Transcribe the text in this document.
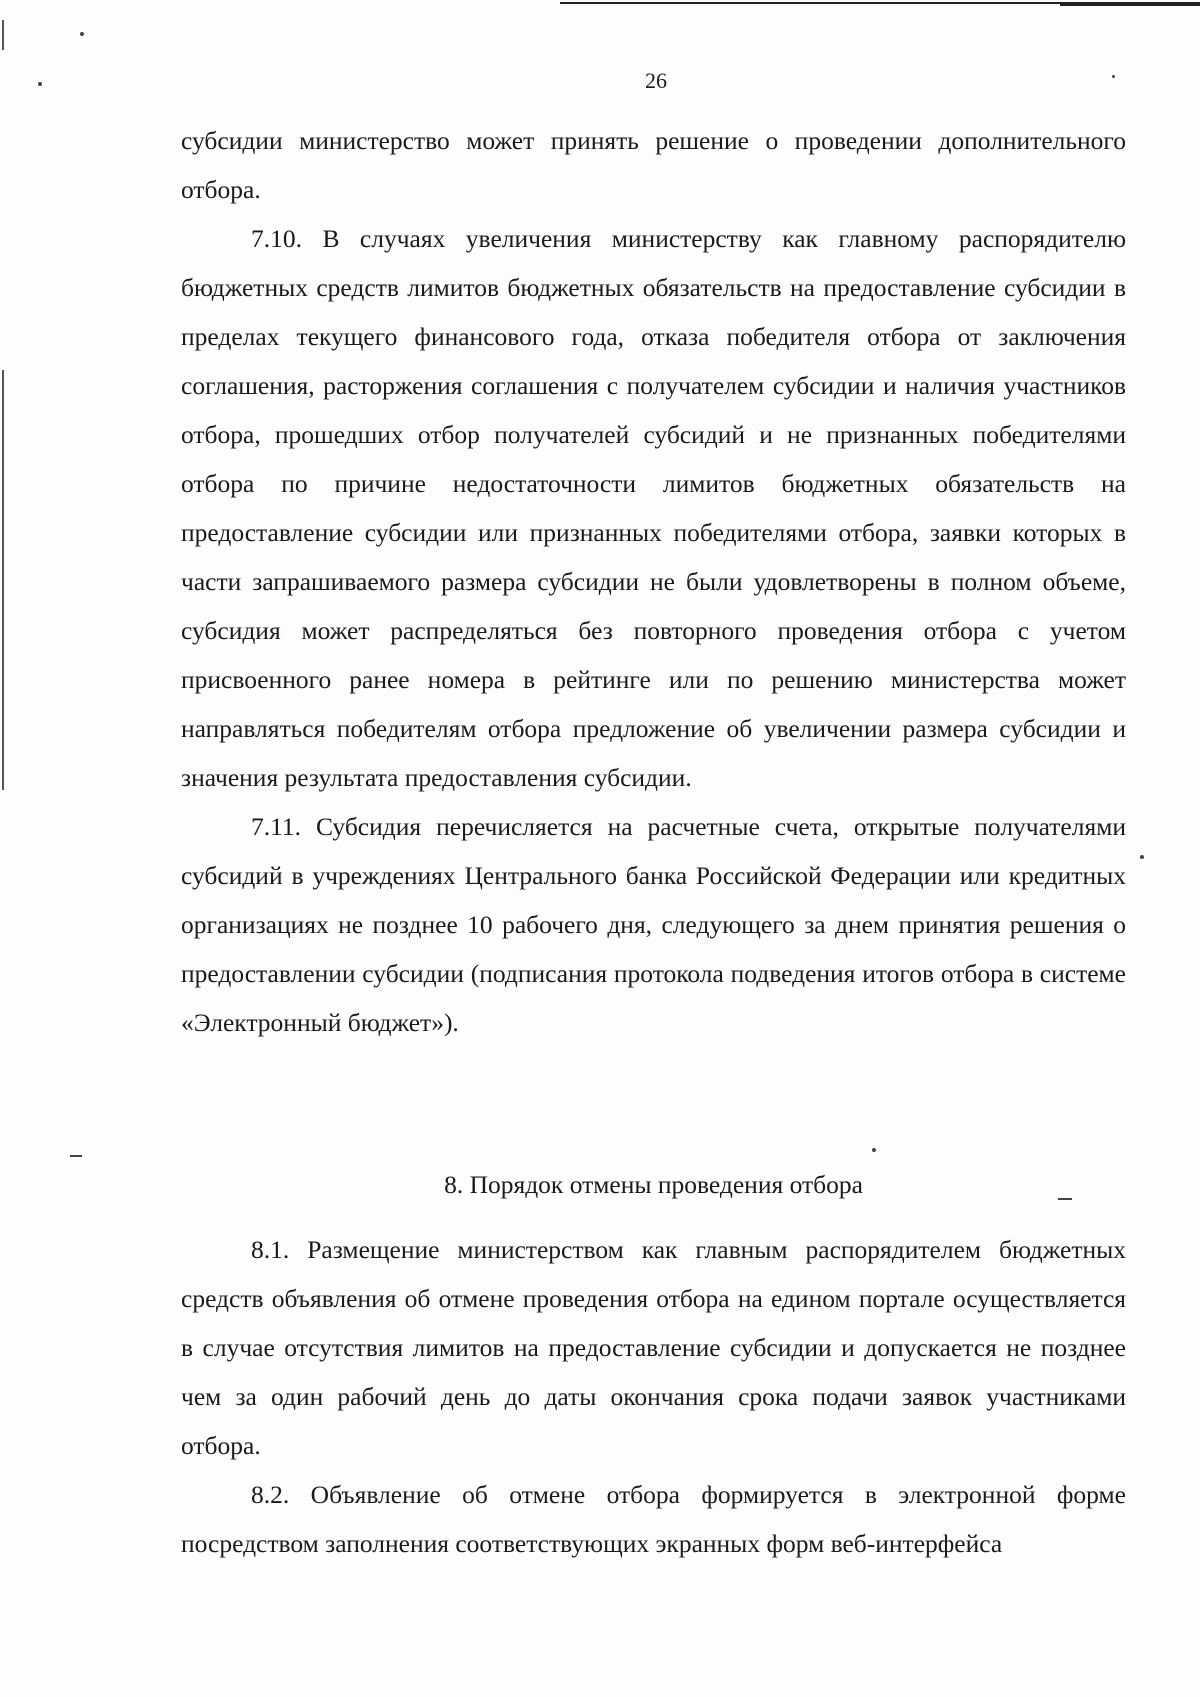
26

субсидии министерство может принять решение о проведении дополнительного отбора.

7.10. В случаях увеличения министерству как главному распорядителю бюджетных средств лимитов бюджетных обязательств на предоставление субсидии в пределах текущего финансового года, отказа победителя отбора от заключения соглашения, расторжения соглашения с получателем субсидии и наличия участников отбора, прошедших отбор получателей субсидий и не признанных победителями отбора по причине недостаточности лимитов бюджетных обязательств на предоставление субсидии или признанных победителями отбора, заявки которых в части запрашиваемого размера субсидии не были удовлетворены в полном объеме, субсидия может распределяться без повторного проведения отбора с учетом присвоенного ранее номера в рейтинге или по решению министерства может направляться победителям отбора предложение об увеличении размера субсидии и значения результата предоставления субсидии.

7.11. Субсидия перечисляется на расчетные счета, открытые получателями субсидий в учреждениях Центрального банка Российской Федерации или кредитных организациях не позднее 10 рабочего дня, следующего за днем принятия решения о предоставлении субсидии (подписания протокола подведения итогов отбора в системе «Электронный бюджет»).

8. Порядок отмены проведения отбора

8.1. Размещение министерством как главным распорядителем бюджетных средств объявления об отмене проведения отбора на едином портале осуществляется в случае отсутствия лимитов на предоставление субсидии и допускается не позднее чем за один рабочий день до даты окончания срока подачи заявок участниками отбора.

8.2. Объявление об отмене отбора формируется в электронной форме посредством заполнения соответствующих экранных форм веб-интерфейса
